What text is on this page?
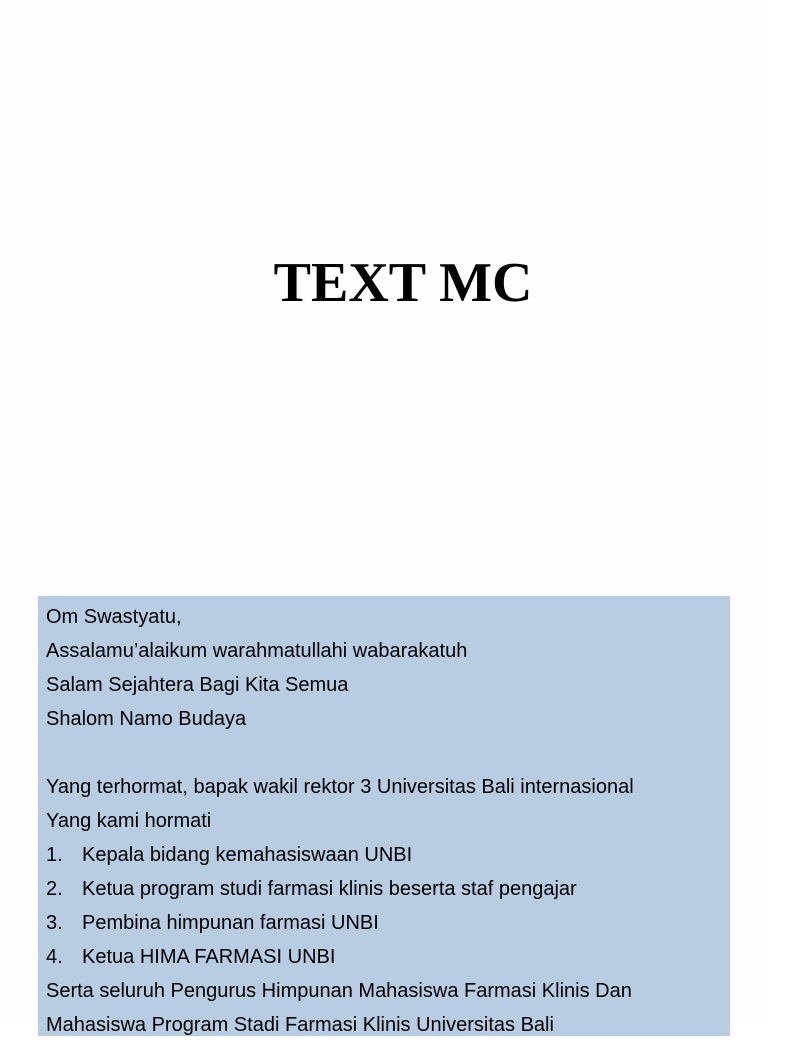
TEXT MC
Om Swastyatu,
Assalamu’alaikum warahmatullahi wabarakatuh
Salam Sejahtera Bagi Kita Semua
Shalom Namo Budaya
Yang terhormat, bapak wakil rektor 3 Universitas Bali internasional
Yang kami hormati
1. Kepala bidang kemahasiswaan UNBI
2. Ketua program studi farmasi klinis beserta staf pengajar
3. Pembina himpunan farmasi UNBI
4. Ketua HIMA FARMASI UNBI
Serta seluruh Pengurus Himpunan Mahasiswa Farmasi Klinis Dan
Mahasiswa Program Stadi Farmasi Klinis Universitas Bali
